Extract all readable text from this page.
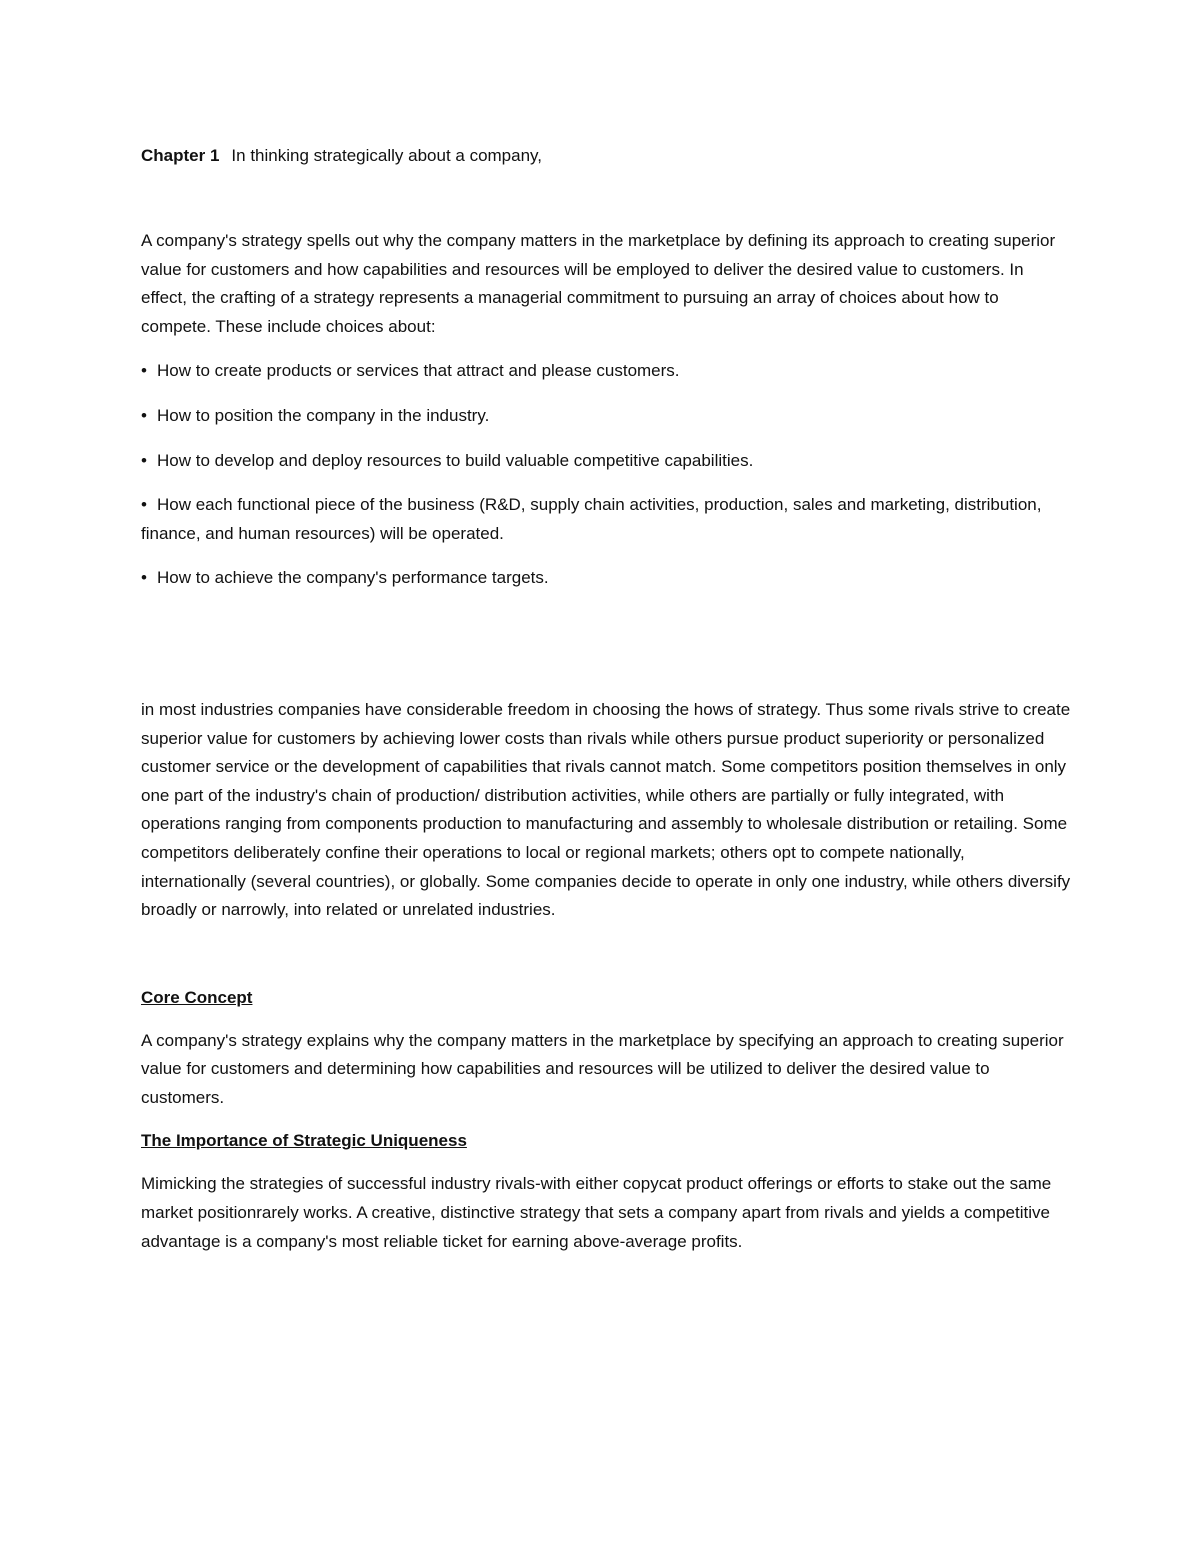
Chapter 1 In thinking strategically about a company,

A company's strategy spells out why the company matters in the marketplace by defining its approach to creating superior value for customers and how capabilities and resources will be employed to deliver the desired value to customers. In effect, the crafting of a strategy represents a managerial commitment to pursuing an array of choices about how to compete. These include choices about:

• How to create products or services that attract and please customers.

• How to position the company in the industry.

• How to develop and deploy resources to build valuable competitive capabilities.

• How each functional piece of the business (R&D, supply chain activities, production, sales and marketing, distribution, finance, and human resources) will be operated.

• How to achieve the company's performance targets.

in most industries companies have considerable freedom in choosing the hows of strategy. Thus some rivals strive to create superior value for customers by achieving lower costs than rivals while others pursue product superiority or personalized customer service or the development of capabilities that rivals cannot match. Some competitors position themselves in only one part of the industry's chain of production/ distribution activities, while others are partially or fully integrated, with operations ranging from components production to manufacturing and assembly to wholesale distribution or retailing. Some competitors deliberately confine their operations to local or regional markets; others opt to compete nationally, internationally (several countries), or globally. Some companies decide to operate in only one industry, while others diversify broadly or narrowly, into related or unrelated industries.

Core Concept

A company's strategy explains why the company matters in the marketplace by specifying an approach to creating superior value for customers and determining how capabilities and resources will be utilized to deliver the desired value to customers.

The Importance of Strategic Uniqueness

Mimicking the strategies of successful industry rivals-with either copycat product offerings or efforts to stake out the same market positionrarely works. A creative, distinctive strategy that sets a company apart from rivals and yields a competitive advantage is a company's most reliable ticket for earning above-average profits.
